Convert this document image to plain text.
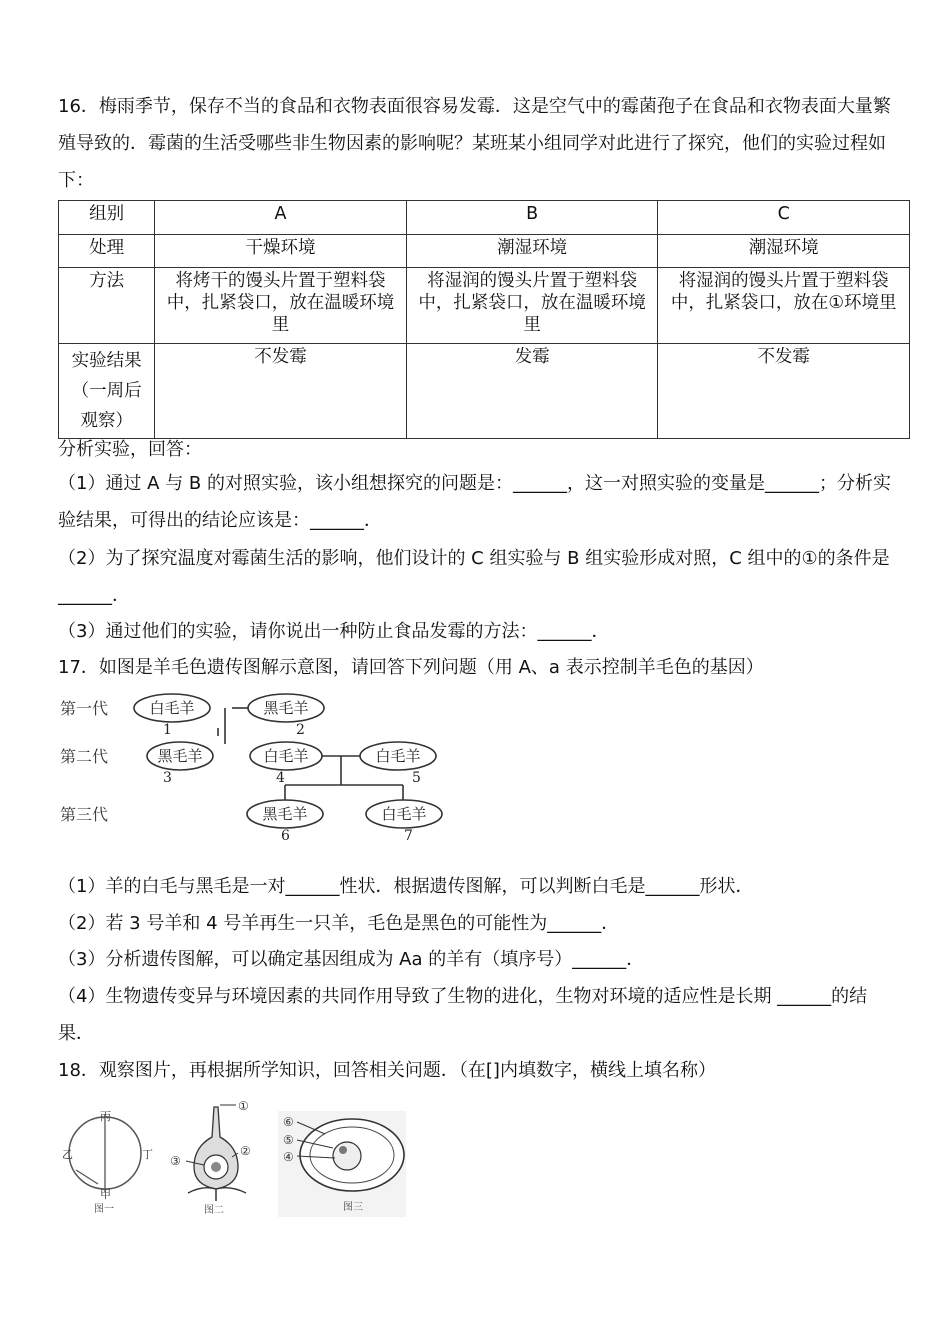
16．梅雨季节，保存不当的食品和衣物表面很容易发霉．这是空气中的霉菌孢子在食品和衣物表面大量繁殖导致的．霉菌的生活受哪些非生物因素的影响呢？某班某小组同学对此进行了探究，他们的实验过程如下：

组别	A	B	C
处理	干燥环境	潮湿环境	潮湿环境
方法	将烤干的馒头片置于塑料袋中，扎紧袋口，放在温暖环境里	将湿润的馒头片置于塑料袋中，扎紧袋口，放在温暖环境里	将湿润的馒头片置于塑料袋中，扎紧袋口，放在①环境里
实验结果
（一周后观察）	不发霉	发霉	不发霉

分析实验，回答：

（1）通过 A 与 B 的对照实验，该小组想探究的问题是：______，这一对照实验的变量是______；分析实验结果，可得出的结论应该是：______．

（2）为了探究温度对霉菌生活的影响，他们设计的 C 组实验与 B 组实验形成对照，C 组中的①的条件是______．

（3）通过他们的实验，请你说出一种防止食品发霉的方法：______．

17．如图是羊毛色遗传图解示意图，请回答下列问题（用 A、a 表示控制羊毛色的基因）

第一代
第二代
第三代
白毛羊	黑毛羊
黑毛羊	白毛羊	白毛羊
黑毛羊	白毛羊
1	2
3	4	5
6	7

（1）羊的白毛与黑毛是一对______性状．根据遗传图解，可以判断白毛是______形状．

（2）若 3 号羊和 4 号羊再生一只羊，毛色是黑色的可能性为______．

（3）分析遗传图解，可以确定基因组成为 Aa 的羊有（填序号）______．

（4）生物遗传变异与环境因素的共同作用导致了生物的进化，生物对环境的适应性是长期 ______的结果．

18．观察图片，再根据所学知识，回答相关问题．（在[]内填数字，横线上填名称）

丙
乙	丁
甲
图一
①
②
③
图二
⑥
⑤
④
图三
